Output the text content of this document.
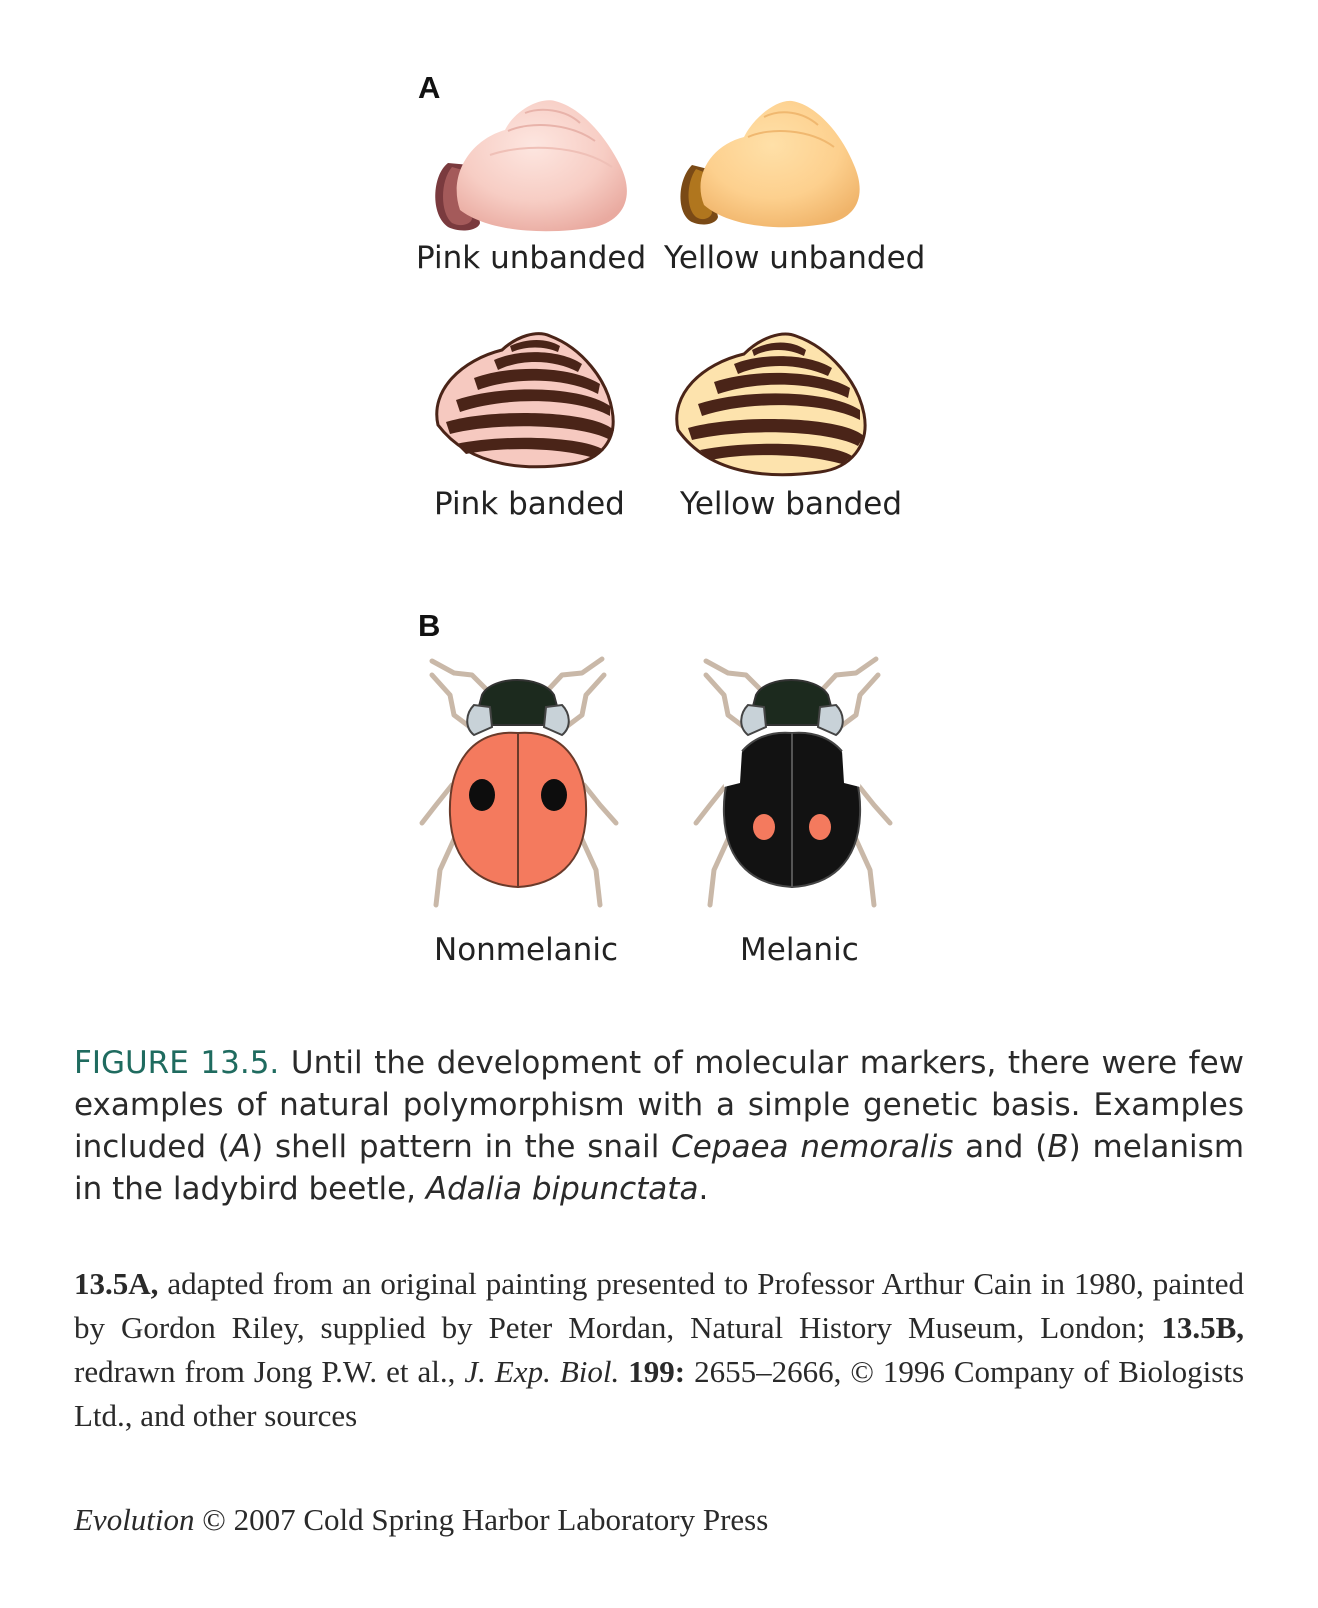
A
Pink unbanded Yellow unbanded
Pink banded Yellow banded
B
Nonmelanic	Melanic
FIGURE 13.5. Until the development of molecular markers, there were few examples of natural polymorphism with a simple genetic basis. Examples included (A) shell pattern in the snail Cepaea nemoralis and (B) melanism in the ladybird beetle, Adalia bipunctata.
13.5A, adapted from an original painting presented to Professor Arthur Cain in 1980, painted by Gordon Riley, supplied by Peter Mordan, Natural History Museum, London; 13.5B, redrawn from Jong P.W. et al., J. Exp. Biol. 199: 2655–2666, © 1996 Company of Biologists Ltd., and other sources
Evolution © 2007 Cold Spring Harbor Laboratory Press
